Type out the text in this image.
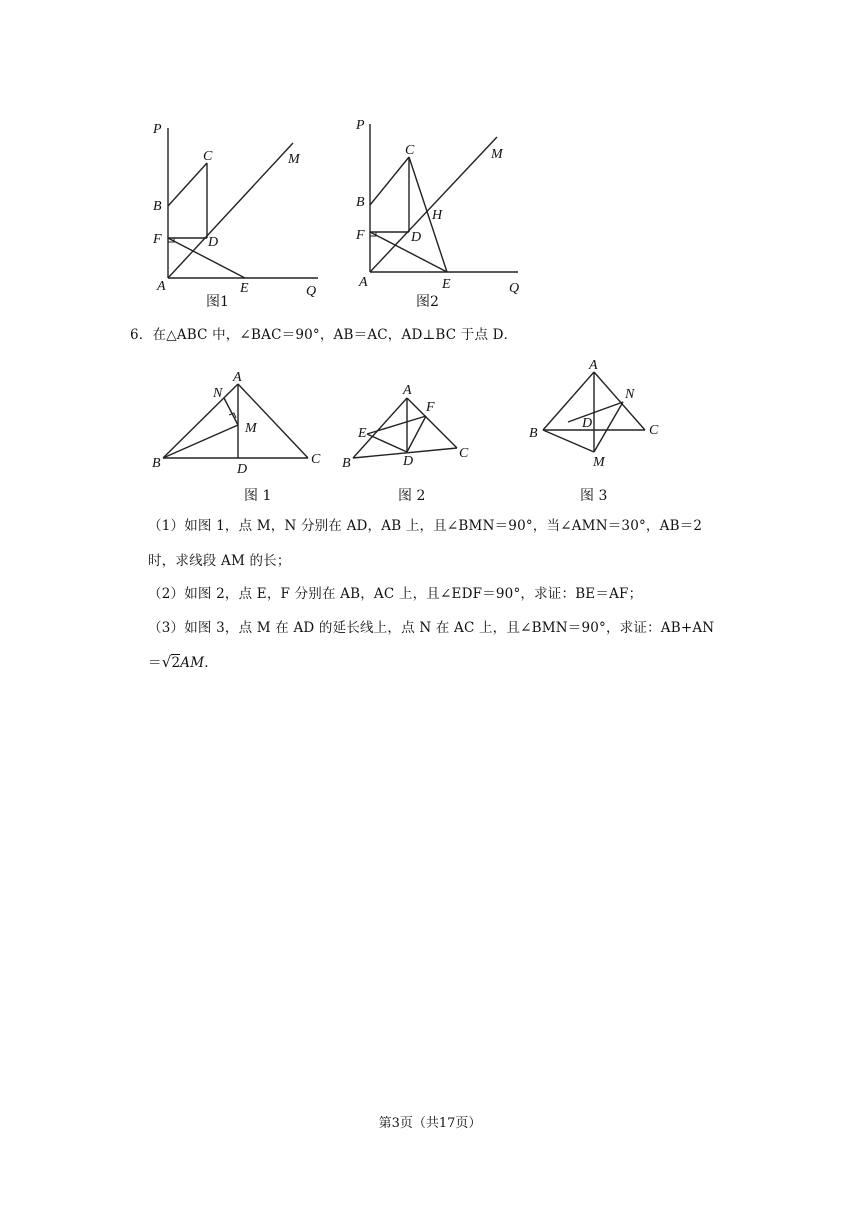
P
C	M
B
F	D
A	E	Q
图1
P
C	M
B
H
F	D
A	E	Q
图2
6．在△ABC 中，∠BAC＝90°，AB＝AC，AD⊥BC 于点 D．
A
N
M
B	D
C
图 1
A
F
E
B	D
C
图 2
A
N
B
D	C
M
图 3
（1）如图 1，点 M，N 分别在 AD，AB 上，且∠BMN＝90°，当∠AMN＝30°，AB＝2
时，求线段 AM 的长；
（2）如图 2，点 E，F 分别在 AB，AC 上，且∠EDF＝90°，求证：BE＝AF；
（3）如图 3，点 M 在 AD 的延长线上，点 N 在 AC 上，且∠BMN＝90°，求证：AB+AN
＝√2AM.
第3页（共17页）
